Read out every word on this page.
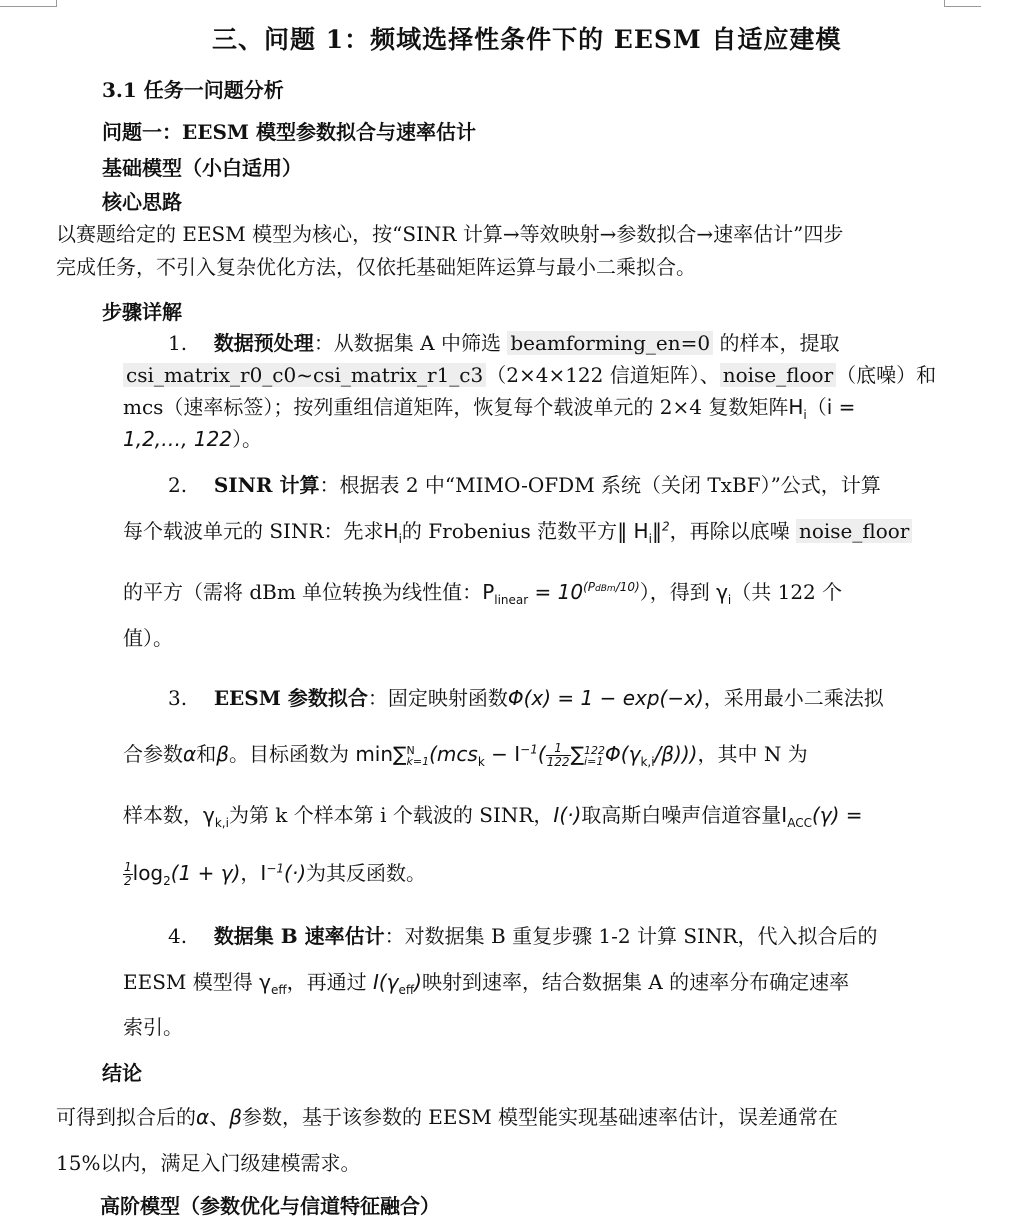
三、问题 1：频域选择性条件下的 EESM 自适应建模
3.1 任务一问题分析
问题一：EESM 模型参数拟合与速率估计
基础模型（小白适用）
核心思路
以赛题给定的 EESM 模型为核心，按“SINR 计算→等效映射→参数拟合→速率估计”四步
完成任务，不引入复杂优化方法，仅依托基础矩阵运算与最小二乘拟合。
步骤详解
1. 数据预处理：从数据集 A 中筛选 beamforming_en=0 的样本，提取
csi_matrix_r0_c0~csi_matrix_r1_c3 （2×4×122 信道矩阵）、 noise_floor （底噪）和
mcs（速率标签）；按列重组信道矩阵，恢复每个载波单元的 2×4 复数矩阵$H_i(i$ =
1,2,…, 122）。
2. SINR 计算：根据表 2 中“MIMO-OFDM 系统（关闭 TxBF）”公式，计算
每个载波单元的 SINR：先求$H_i$的 Frobenius 范数平方‖ $H_i‖^2$，再除以底噪 noise_floor
的平方（需将 dBm 单位转换为线性值：$P_{linear} = 10^{(PdBm/10)}$），得到 $\gamma_i$（共 122 个
值）。
3. EESM 参数拟合：固定映射函数Φ(x) = 1 − exp(−x)，采用最小二乘法拟
合参数α和β。目标函数为 min∑ N
k=1 ($mcs_k - I^{-1}( \frac{1}{122}$ ∑ 122
i=1 $\Phi(\gamma_{k,i}/\beta)$))，其中 N 为
样本数，$\gamma_{k,i}$为第 k 个样本第 i 个载波的 SINR，I(·)取高斯白噪声信道容量$I_{ACC}(\gamma)$ =
$\frac{1}{2} \log_2(1 + \gamma)$，$I^{-1}(\cdot)$为其反函数。
4. 数据集 B 速率估计：对数据集 B 重复步骤 1-2 计算 SINR，代入拟合后的
EESM 模型得 $\gamma_{eff}$，再通过 $I(\gamma_{eff})$映射到速率，结合数据集 A 的速率分布确定速率
索引。
结论
可得到拟合后的α、β参数，基于该参数的 EESM 模型能实现基础速率估计，误差通常在
15%以内，满足入门级建模需求。
高阶模型（参数优化与信道特征融合）
